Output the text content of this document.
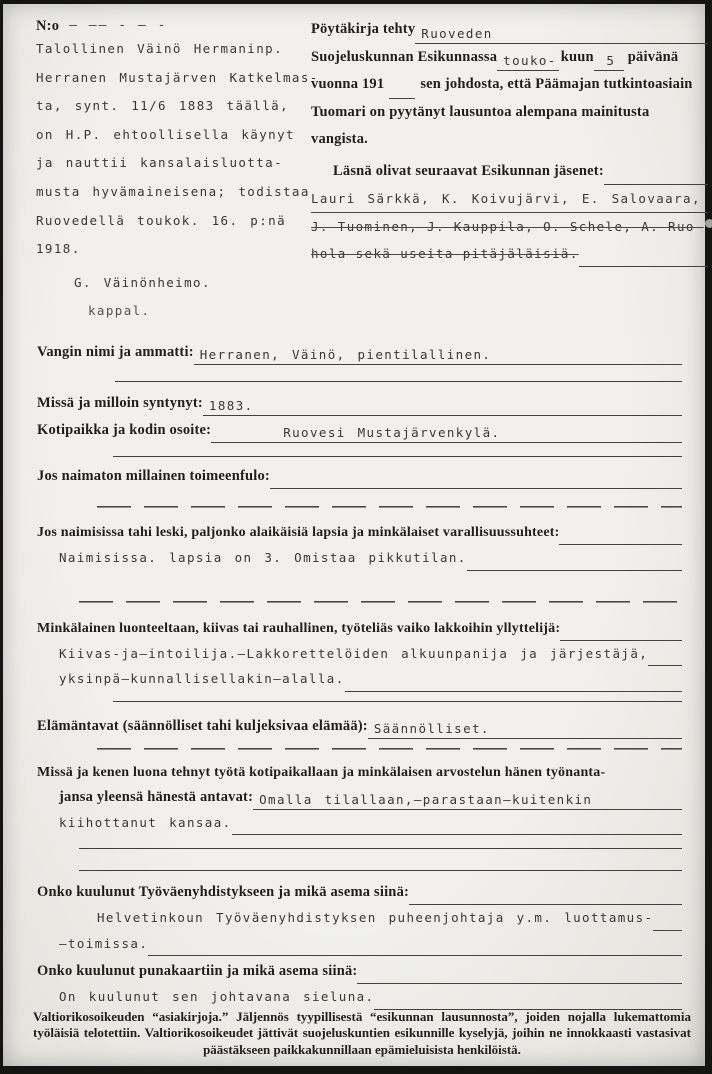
N:o — —— - — -
Talollinen Väinö Hermaninp.
Herranen Mustajärven Katkelmas-
ta, synt. 11/6 1883 täällä,
on H.P. ehtoollisella käynyt
ja nauttii kansalaisluotta-
musta hyvämaineisena; todistaa
Ruovedellä toukok. 16. p:nä
1918.
G. Väinönheimo.
kappal.
Pöytäkirja tehty Ruoveden
Suojeluskunnan Esikunnassa touko- kuun	5 päivänä
vuonna 191 sen johdosta, että Päämajan tutkintoasiain
Tuomari on pyytänyt lausuntoa alempana mainitusta
vangista.
Läsnä olivat seuraavat Esikunnan jäsenet:
Lauri Särkkä, K. Koivujärvi, E. Salovaara,
J.—Tuominen,—J.—Kauppila,—O.—Schele,—A.—Ruo-
hola—sekä—useita—pitäjäläisiä.
Vangin nimi ja ammatti: Herranen, Väinö, pientilallinen.
Missä ja milloin syntynyt: 1883.
Kotipaikka ja kodin osoite:	Ruovesi Mustajärvenkylä.
Jos naimaton millainen toimeenfulo:
Jos naimisissa tahi leski, paljonko alaikäisiä lapsia ja minkälaiset varallisuussuhteet:
Naimisissa. lapsia on 3. Omistaa pikkutilan.
Minkälainen luonteeltaan, kiivas tai rauhallinen, työteliäs vaiko lakkoihin yllyttelijä:
Kiivas-ja—intoilija.—Lakkorettelöiden alkuunpanija ja järjestäjä,
yksinpä—kunnallisellakin—alalla.
Elämäntavat (säännölliset tahi kuljeksivaa elämää): Säännölliset.
Missä ja kenen luona tehnyt työtä kotipaikallaan ja minkälaisen arvostelun hänen työnanta-
jansa yleensä hänestä antavat: Omalla tilallaan,—parastaan—kuitenkin
kiihottanut kansaa.
Onko kuulunut Työväenyhdistykseen ja mikä asema siinä:
Helvetinkoun Työväenyhdistyksen puheenjohtaja y.m. luottamus-
—toimissa.
Onko kuulunut punakaartiin ja mikä asema siinä:
On kuulunut sen johtavana sieluna.
Valtiorikosoikeuden “asiakirjoja.” Jäljennös tyypillisestä “esikunnan lausunnosta”, joiden nojalla lukemattomia työläisiä telotettiin. Valtiorikosoikeudet jättivät suojeluskuntien esikunnille kyselyjä, joihin ne innokkaasti vastasivat päästäkseen paikkakunnillaan epämieluisista henkilöistä.
